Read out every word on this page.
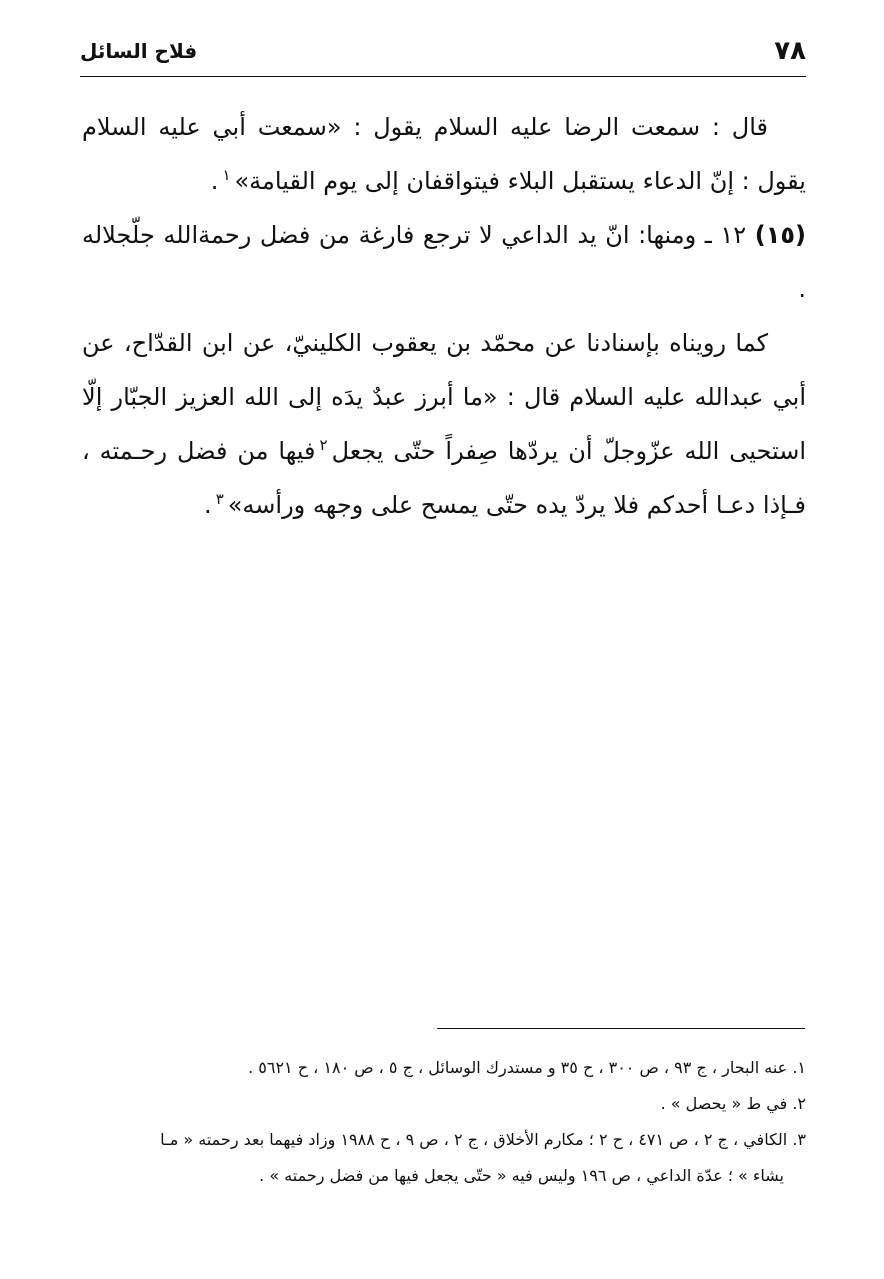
٧٨
فلاح السائل

قال : سمعت الرضا عليه السلام يقول : «سمعت أبي عليه السلام يقول : إنّ الدعاء يستقبل البلاء فيتواقفان إلى يوم القيامة»$^١$.

(١٥) ١٢ ـ ومنها: انّ يد الداعي لا ترجع فارغة من فضل رحمةالله جلّجلاله .

كما رويناه بإسنادنا عن محمّد بن يعقوب الكلينيّ، عن ابن القدّاح، عن أبي عبدالله عليه السلام قال : «ما أبرز عبدٌ يدَه إلى الله العزيز الجبّار إلّا استحيى الله عزّوجلّ أن يردّها صِفراً حتّى يجعل$^٢$فيها من فضل رحـمته ، فـإذا دعـا أحدكم فلا يردّ يده حتّى يمسح على وجهه ورأسه»$^٣$.

١. عنه البحار ، ج ٩٣ ، ص ٣٠٠ ، ح ٣٥ و مستدرك الوسائل ، ج ٥ ، ص ١٨٠ ، ح ٥٦٢١ .

٢. في ط « يحصل » .

٣. الكافي ، ج ٢ ، ص ٤٧١ ، ح ٢ ؛ مكارم الأخلاق ، ج ٢ ، ص ٩ ، ح ١٩٨٨ وزاد فيهما بعد رحمته « مـا
يشاء » ؛ عدّة الداعي ، ص ١٩٦ وليس فيه « حتّى يجعل فيها من فضل رحمته » .
